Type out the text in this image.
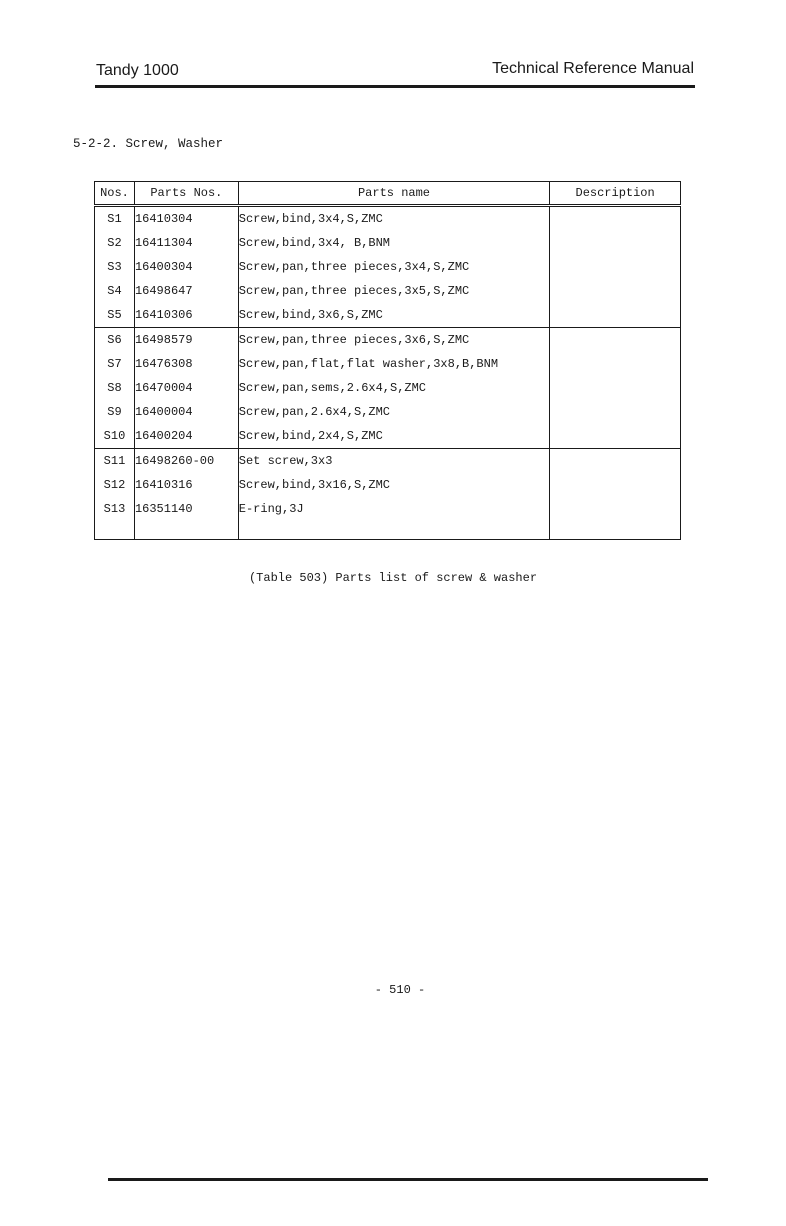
Tandy 1000	Technical Reference Manual
5-2-2. Screw, Washer
Nos.	Parts Nos.	Parts name	Description
S1	16410304	Screw,bind,3x4,S,ZMC	
S2	16411304	Screw,bind,3x4, B,BNM	
S3	16400304	Screw,pan,three pieces,3x4,S,ZMC	
S4	16498647	Screw,pan,three pieces,3x5,S,ZMC	
S5	16410306	Screw,bind,3x6,S,ZMC	
S6	16498579	Screw,pan,three pieces,3x6,S,ZMC	
S7	16476308	Screw,pan,flat,flat washer,3x8,B,BNM	
S8	16470004	Screw,pan,sems,2.6x4,S,ZMC	
S9	16400004	Screw,pan,2.6x4,S,ZMC	
S10	16400204	Screw,bind,2x4,S,ZMC	
S11	16498260-00	Set screw,3x3	
S12	16410316	Screw,bind,3x16,S,ZMC	
S13	16351140	E-ring,3J	

(Table 503) Parts list of screw & washer
- 510 -
